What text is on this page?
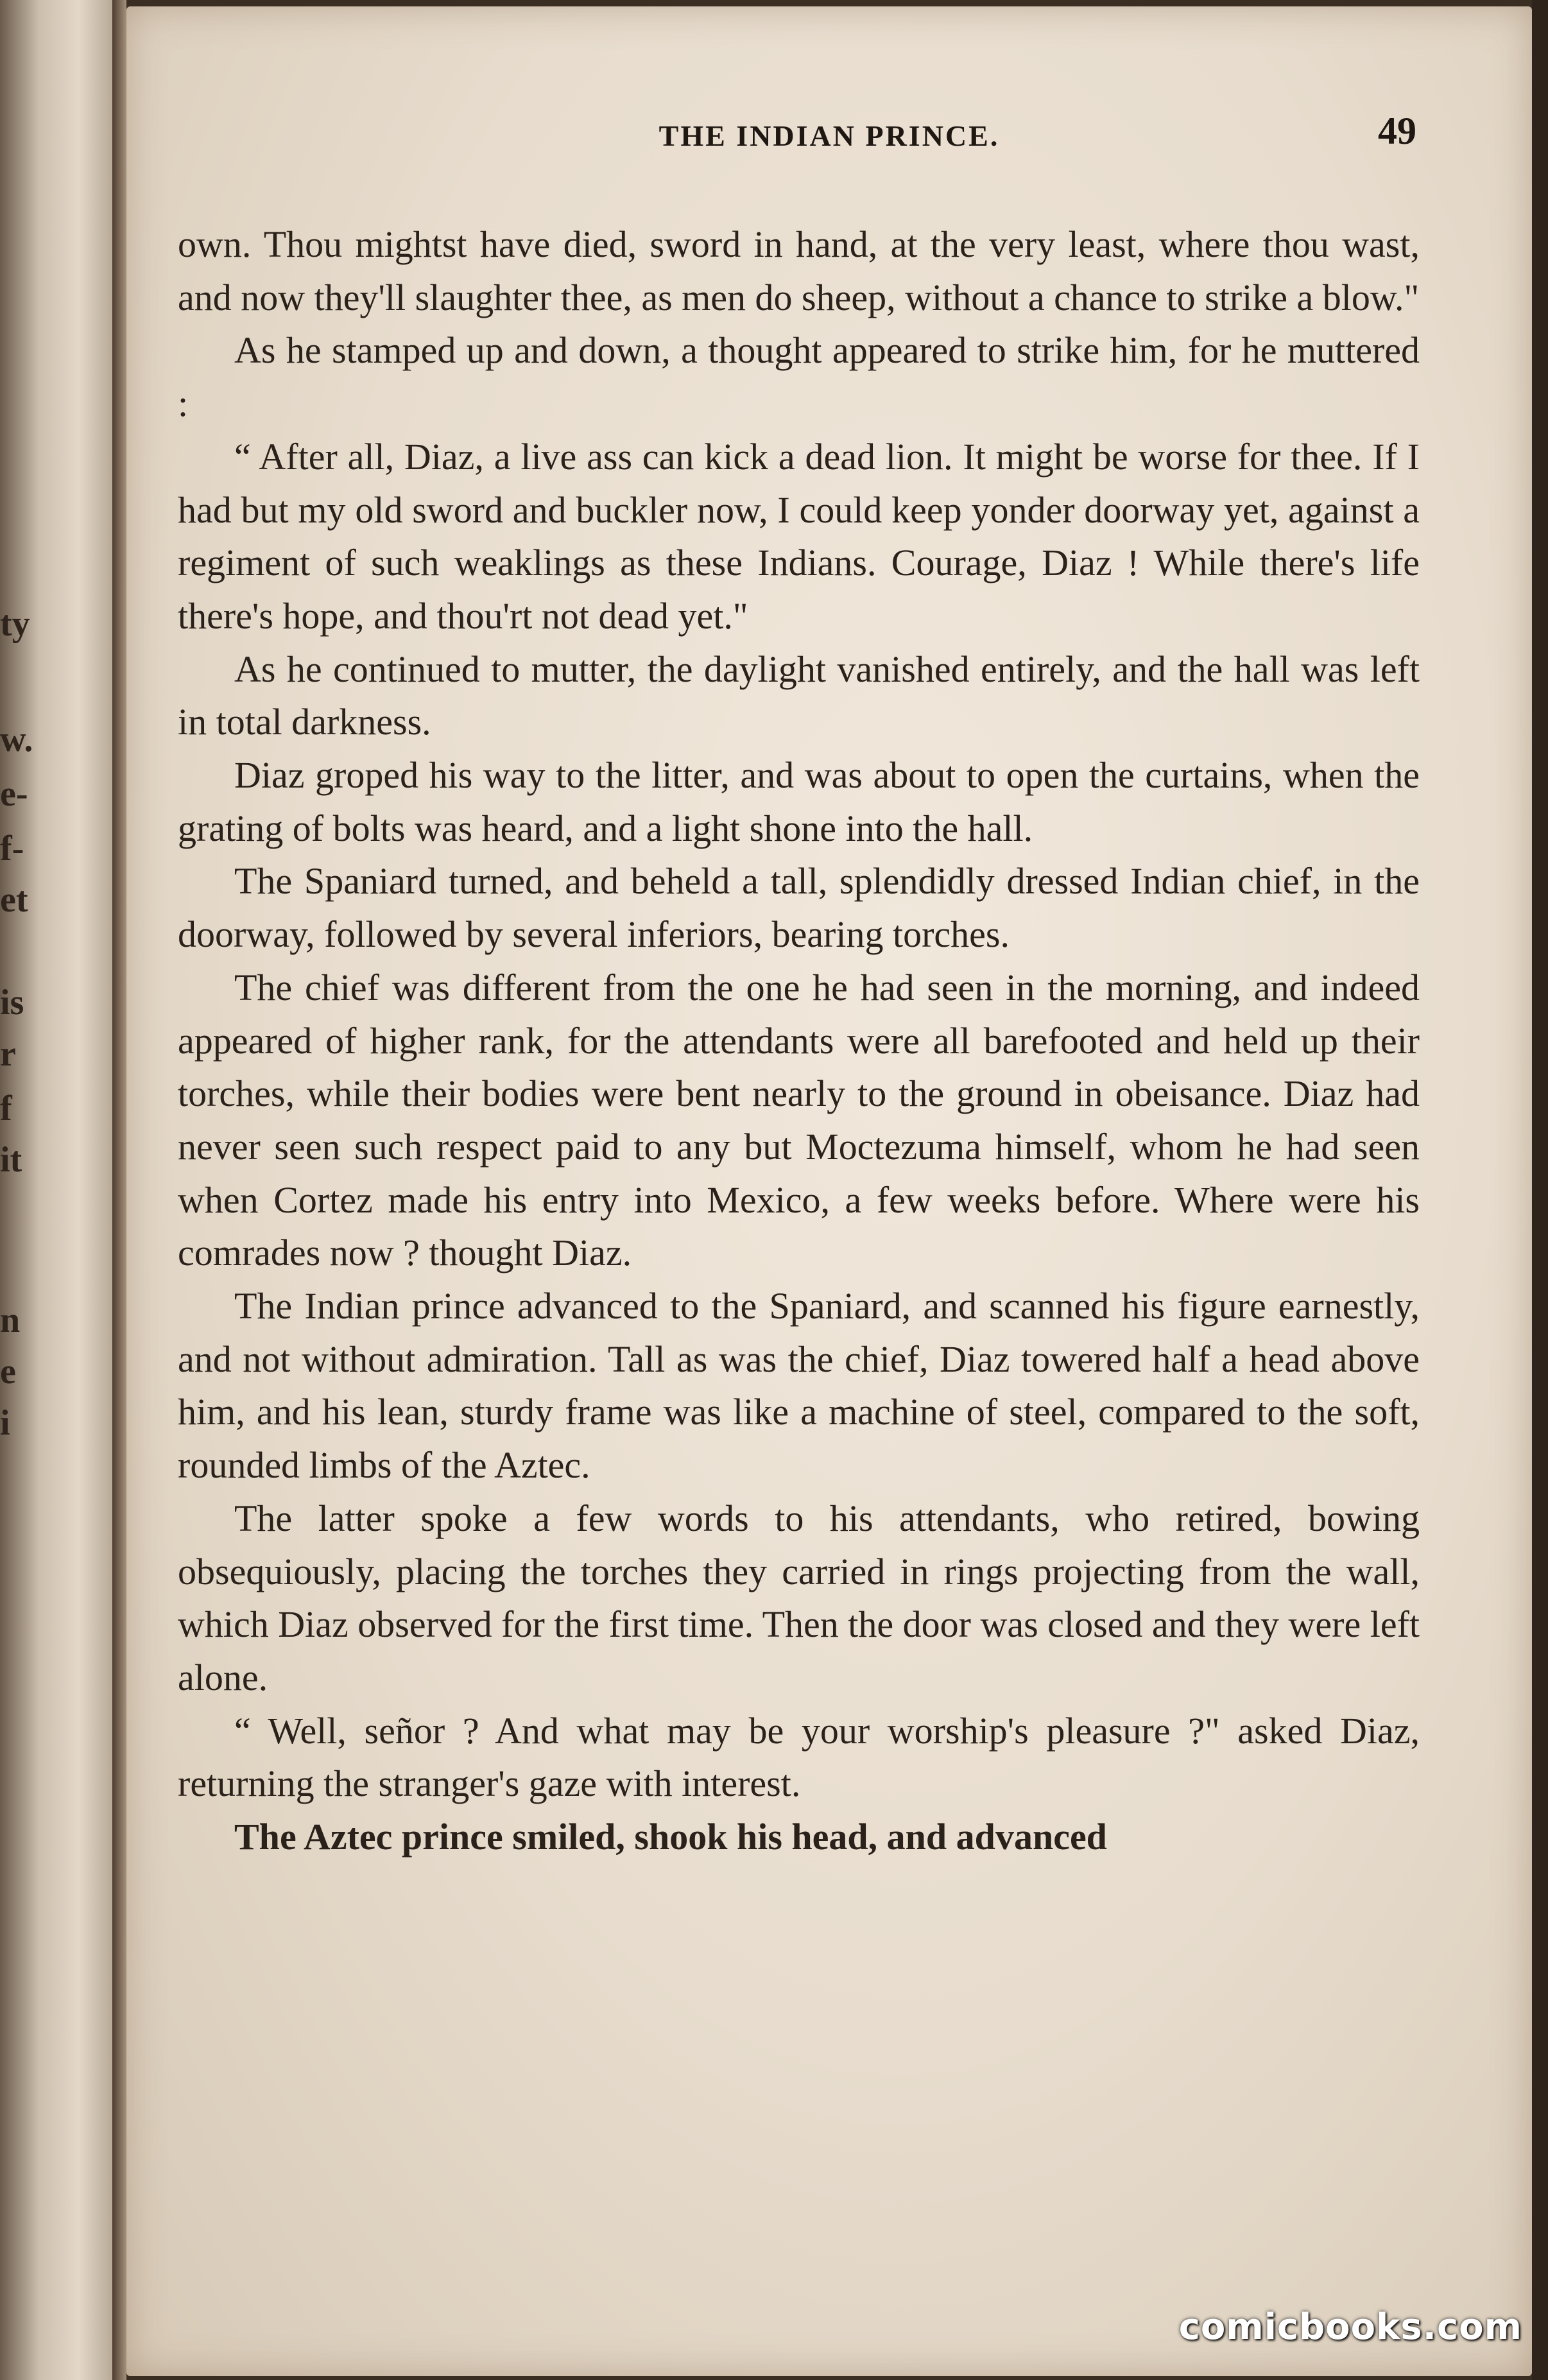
ty
w.
e-
f-
et
is
r
f
it
n
e
i
THE INDIAN PRINCE.	49

own. Thou mightst have died, sword in hand, at the very least, where thou wast, and now they'll slaughter thee, as men do sheep, without a chance to strike a blow."

As he stamped up and down, a thought appeared to strike him, for he muttered :

“ After all, Diaz, a live ass can kick a dead lion. It might be worse for thee. If I had but my old sword and buckler now, I could keep yonder doorway yet, against a regiment of such weaklings as these Indians. Courage, Diaz ! While there's life there's hope, and thou'rt not dead yet."

As he continued to mutter, the daylight vanished entirely, and the hall was left in total darkness.

Diaz groped his way to the litter, and was about to open the curtains, when the grating of bolts was heard, and a light shone into the hall.

The Spaniard turned, and beheld a tall, splendidly dressed Indian chief, in the doorway, followed by several inferiors, bearing torches.

The chief was different from the one he had seen in the morning, and indeed appeared of higher rank, for the attendants were all barefooted and held up their torches, while their bodies were bent nearly to the ground in obeisance. Diaz had never seen such respect paid to any but Moctezuma himself, whom he had seen when Cortez made his entry into Mexico, a few weeks before. Where were his comrades now ? thought Diaz.

The Indian prince advanced to the Spaniard, and scanned his figure earnestly, and not without admiration. Tall as was the chief, Diaz towered half a head above him, and his lean, sturdy frame was like a machine of steel, compared to the soft, rounded limbs of the Aztec.

The latter spoke a few words to his attendants, who retired, bowing obsequiously, placing the torches they carried in rings projecting from the wall, which Diaz observed for the first time. Then the door was closed and they were left alone.

“ Well, señor ? And what may be your worship's pleasure ?" asked Diaz, returning the stranger's gaze with interest.

The Aztec prince smiled, shook his head, and advanced

comicbooks.com
